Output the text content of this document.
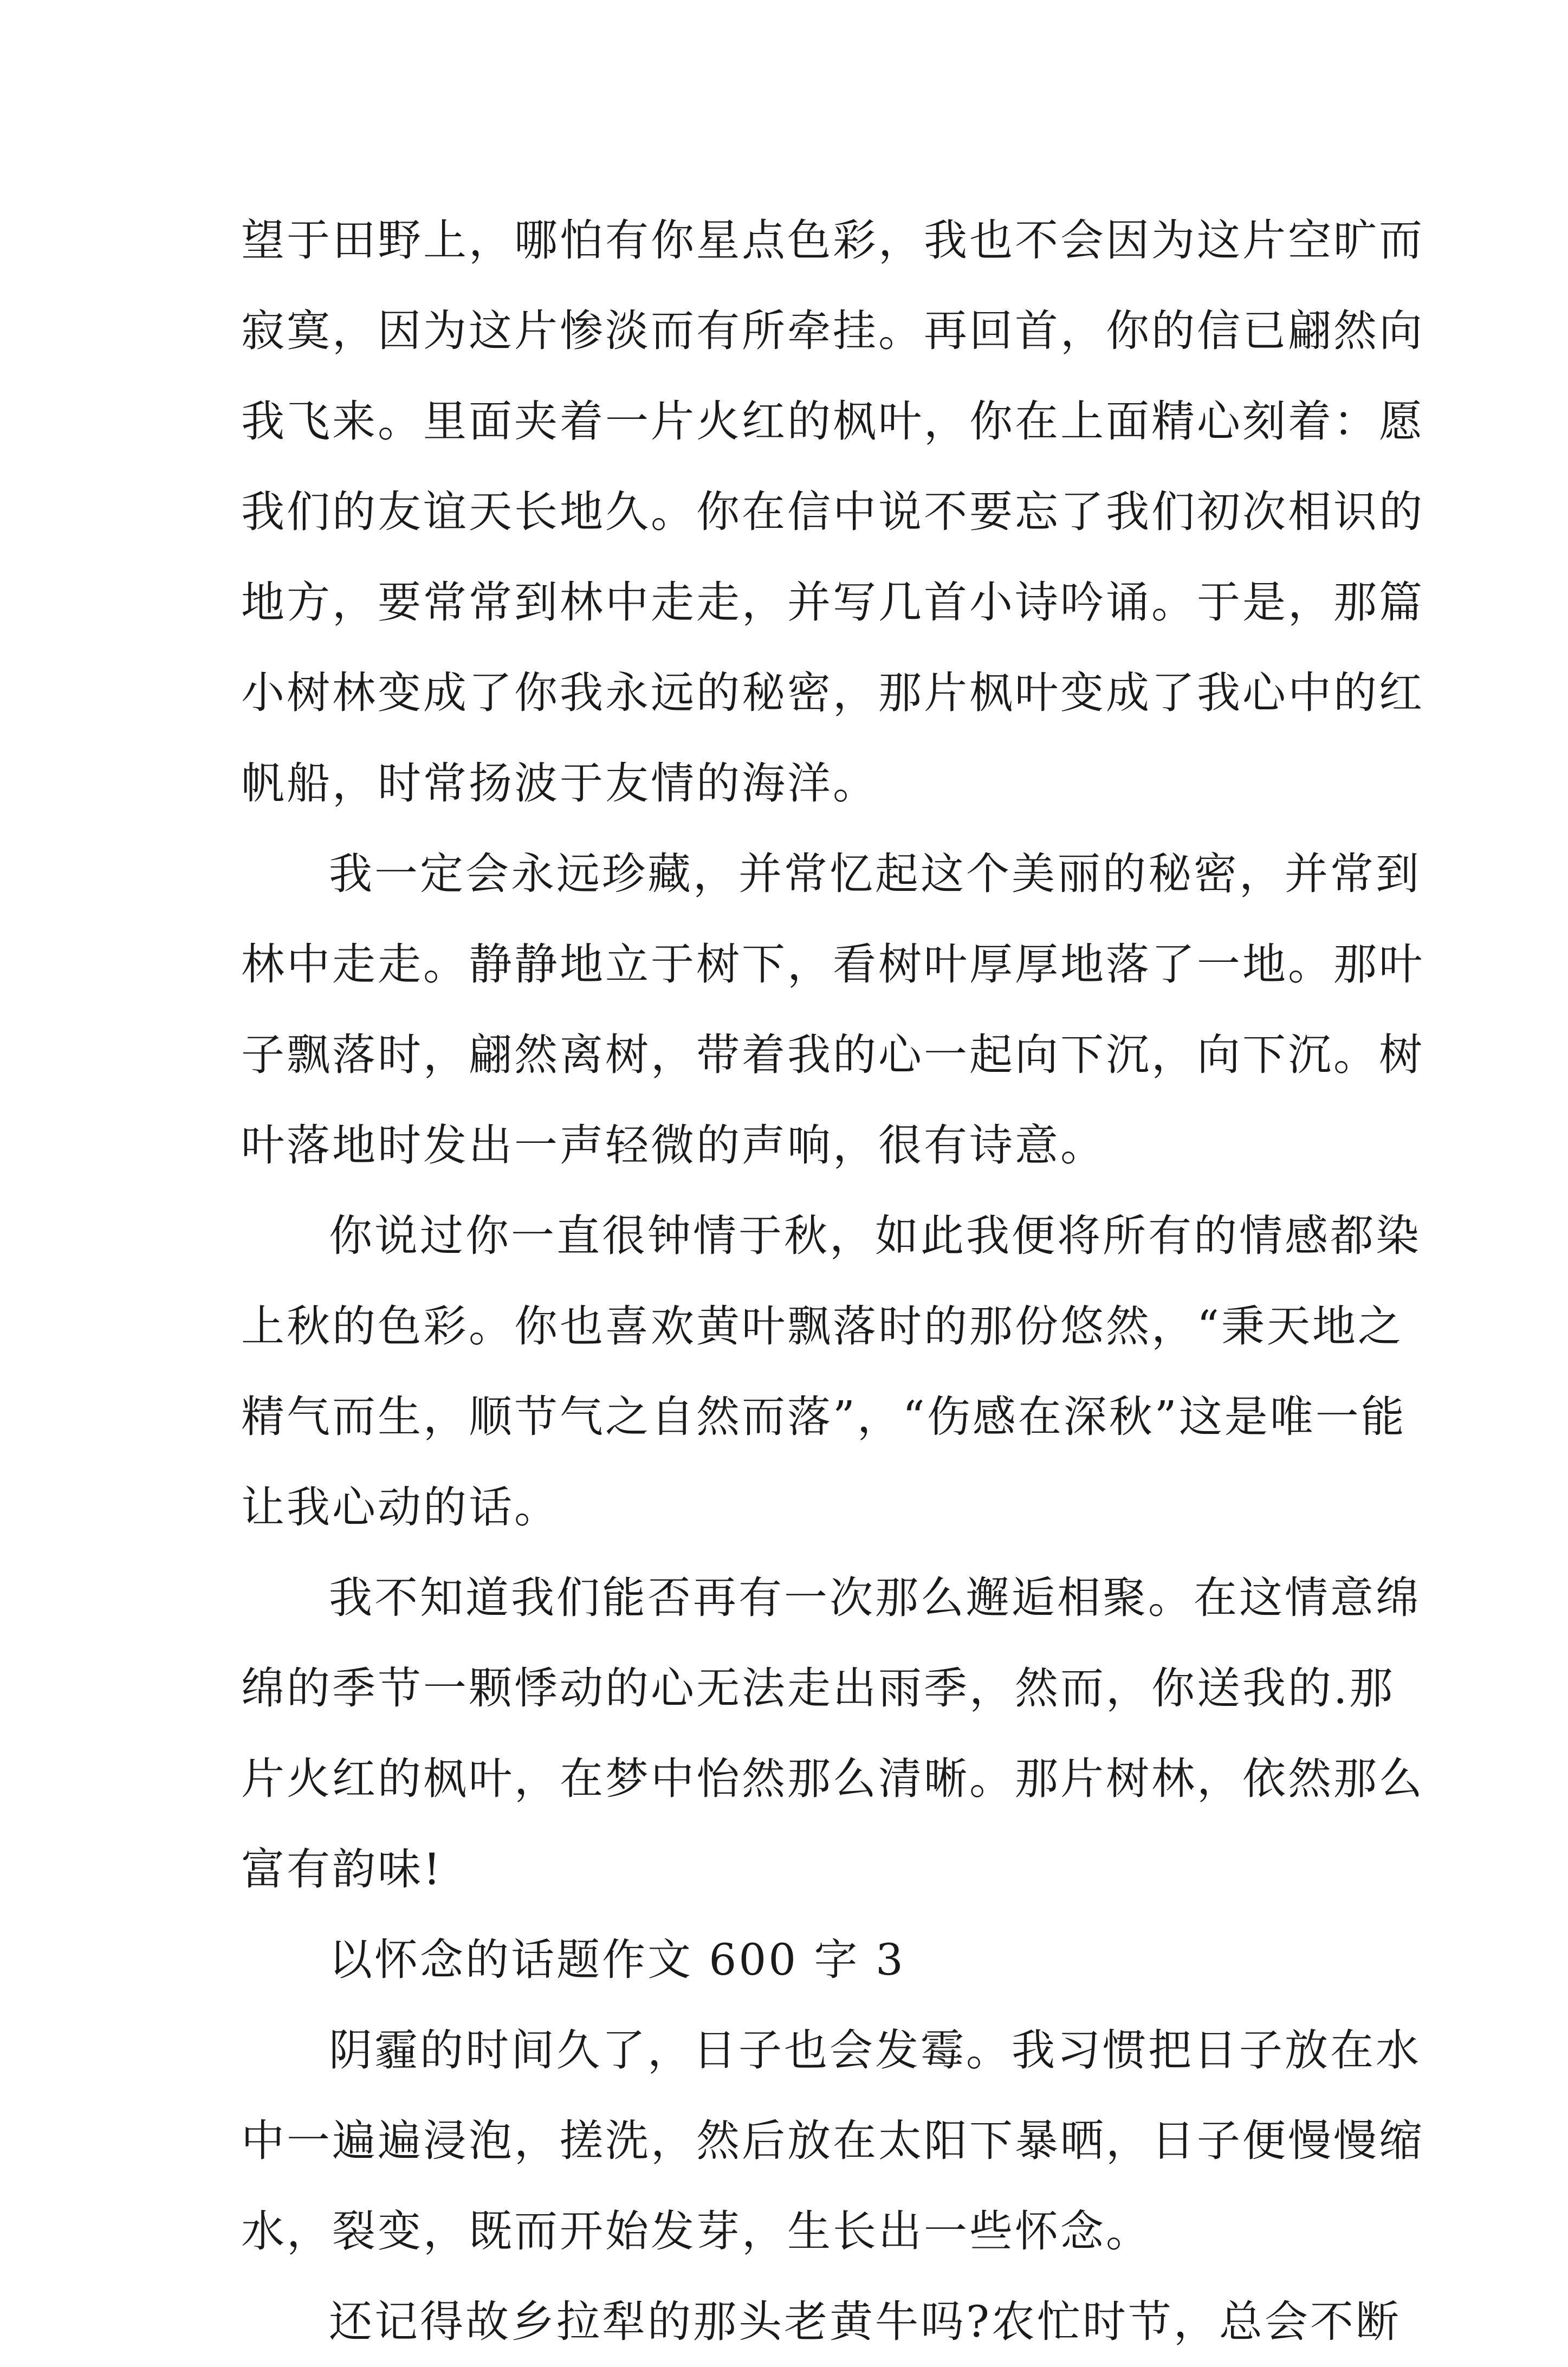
望于田野上，哪怕有你星点色彩，我也不会因为这片空旷而
寂寞，因为这片惨淡而有所牵挂。再回首，你的信已翩然向
我飞来。里面夹着一片火红的枫叶，你在上面精心刻着：愿
我们的友谊天长地久。你在信中说不要忘了我们初次相识的
地方，要常常到林中走走，并写几首小诗吟诵。于是，那篇
小树林变成了你我永远的秘密，那片枫叶变成了我心中的红
帆船，时常扬波于友情的海洋。
我一定会永远珍藏，并常忆起这个美丽的秘密，并常到
林中走走。静静地立于树下，看树叶厚厚地落了一地。那叶
子飘落时，翩然离树，带着我的心一起向下沉，向下沉。树
叶落地时发出一声轻微的声响，很有诗意。
你说过你一直很钟情于秋，如此我便将所有的情感都染
上秋的色彩。你也喜欢黄叶飘落时的那份悠然，“秉天地之
精气而生，顺节气之自然而落”，“伤感在深秋”这是唯一能
让我心动的话。
我不知道我们能否再有一次那么邂逅相聚。在这情意绵
绵的季节一颗悸动的心无法走出雨季，然而，你送我的.那
片火红的枫叶，在梦中怡然那么清晰。那片树林，依然那么
富有韵味!
以怀念的话题作文 600 字 3
阴霾的时间久了，日子也会发霉。我习惯把日子放在水
中一遍遍浸泡，搓洗，然后放在太阳下暴晒，日子便慢慢缩
水，裂变，既而开始发芽，生长出一些怀念。
还记得故乡拉犁的那头老黄牛吗?农忙时节，总会不断
